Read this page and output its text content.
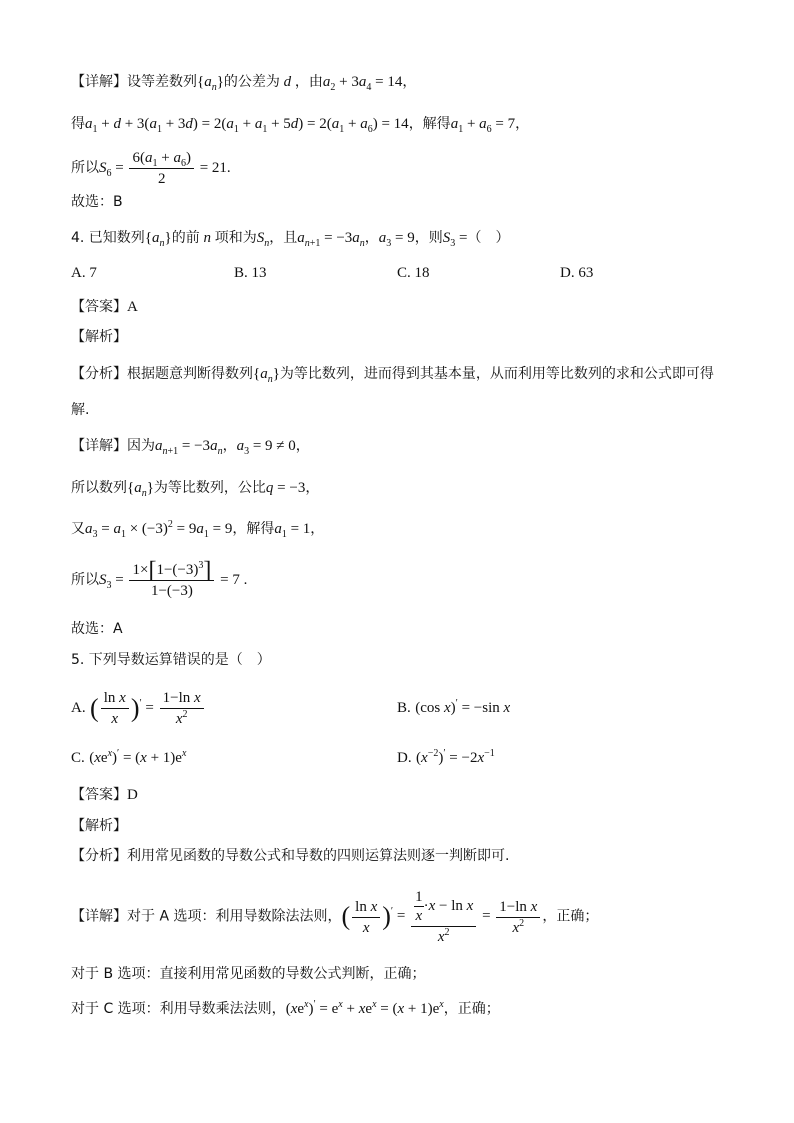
【详解】设等差数列$\{a_n\}$的公差为 d ，由$a_2 + 3a_4 = 14$，
得$a_1 + d + 3(a_1 + 3d) = 2(a_1 + a_1 + 5d) = 2(a_1 + a_6) = 14$，解得$a_1 + a_6 = 7$，
所以$S_6 = \frac{6(a_1 + a_6)}{2} = 21$.
故选：B
4. 已知数列$\{a_n\}$的前 n 项和为$S_n$，且$a_{n+1} = -3a_n$，$a_3 = 9$，则$S_3$ =（　）
A. 7	B. 13	C. 18	D. 63
【答案】A
【解析】
【分析】根据题意判断得数列$\{a_n\}$为等比数列，进而得到其基本量，从而利用等比数列的求和公式即可得
解.
【详解】因为$a_{n+1} = -3a_n$，$a_3 = 9 \ne 0$，
所以数列$\{a_n\}$为等比数列，公比q = −3，
又$a_3 = a_1 \times (-3)^2 = 9a_1 = 9$，解得$a_1 = 1$，
所以$S_3 = \frac{1\times[1-(-3)^3]}{1-(-3)} = 7$ .
故选：A
5. 下列导数运算错误的是（　）
A. ( $\frac{\text{ln x}}{x} )' = \frac{\text{1−ln x}}{x^2}$	B. (cos x)′ = −sin x
C. $(xe^x)' = (x + 1)e^x$	D. $(x^{-2})' = -2x^{-1}$
【答案】D
【解析】
【分析】利用常见函数的导数公式和导数的四则运算法则逐一判断即可.
【详解】对于 A 选项：利用导数除法法则，( $\frac{\text{ln x}}{x} )' = \frac{\frac{1}{x} \cdot x - \ln x}{x^2} = \frac{\text{1−ln x}}{x^2}$ ，正确；
对于 B 选项：直接利用常见函数的导数公式判断，正确；
对于 C 选项：利用导数乘法法则，$(xe^x)' = e^x + xe^x = (x + 1)e^x$，正确；
